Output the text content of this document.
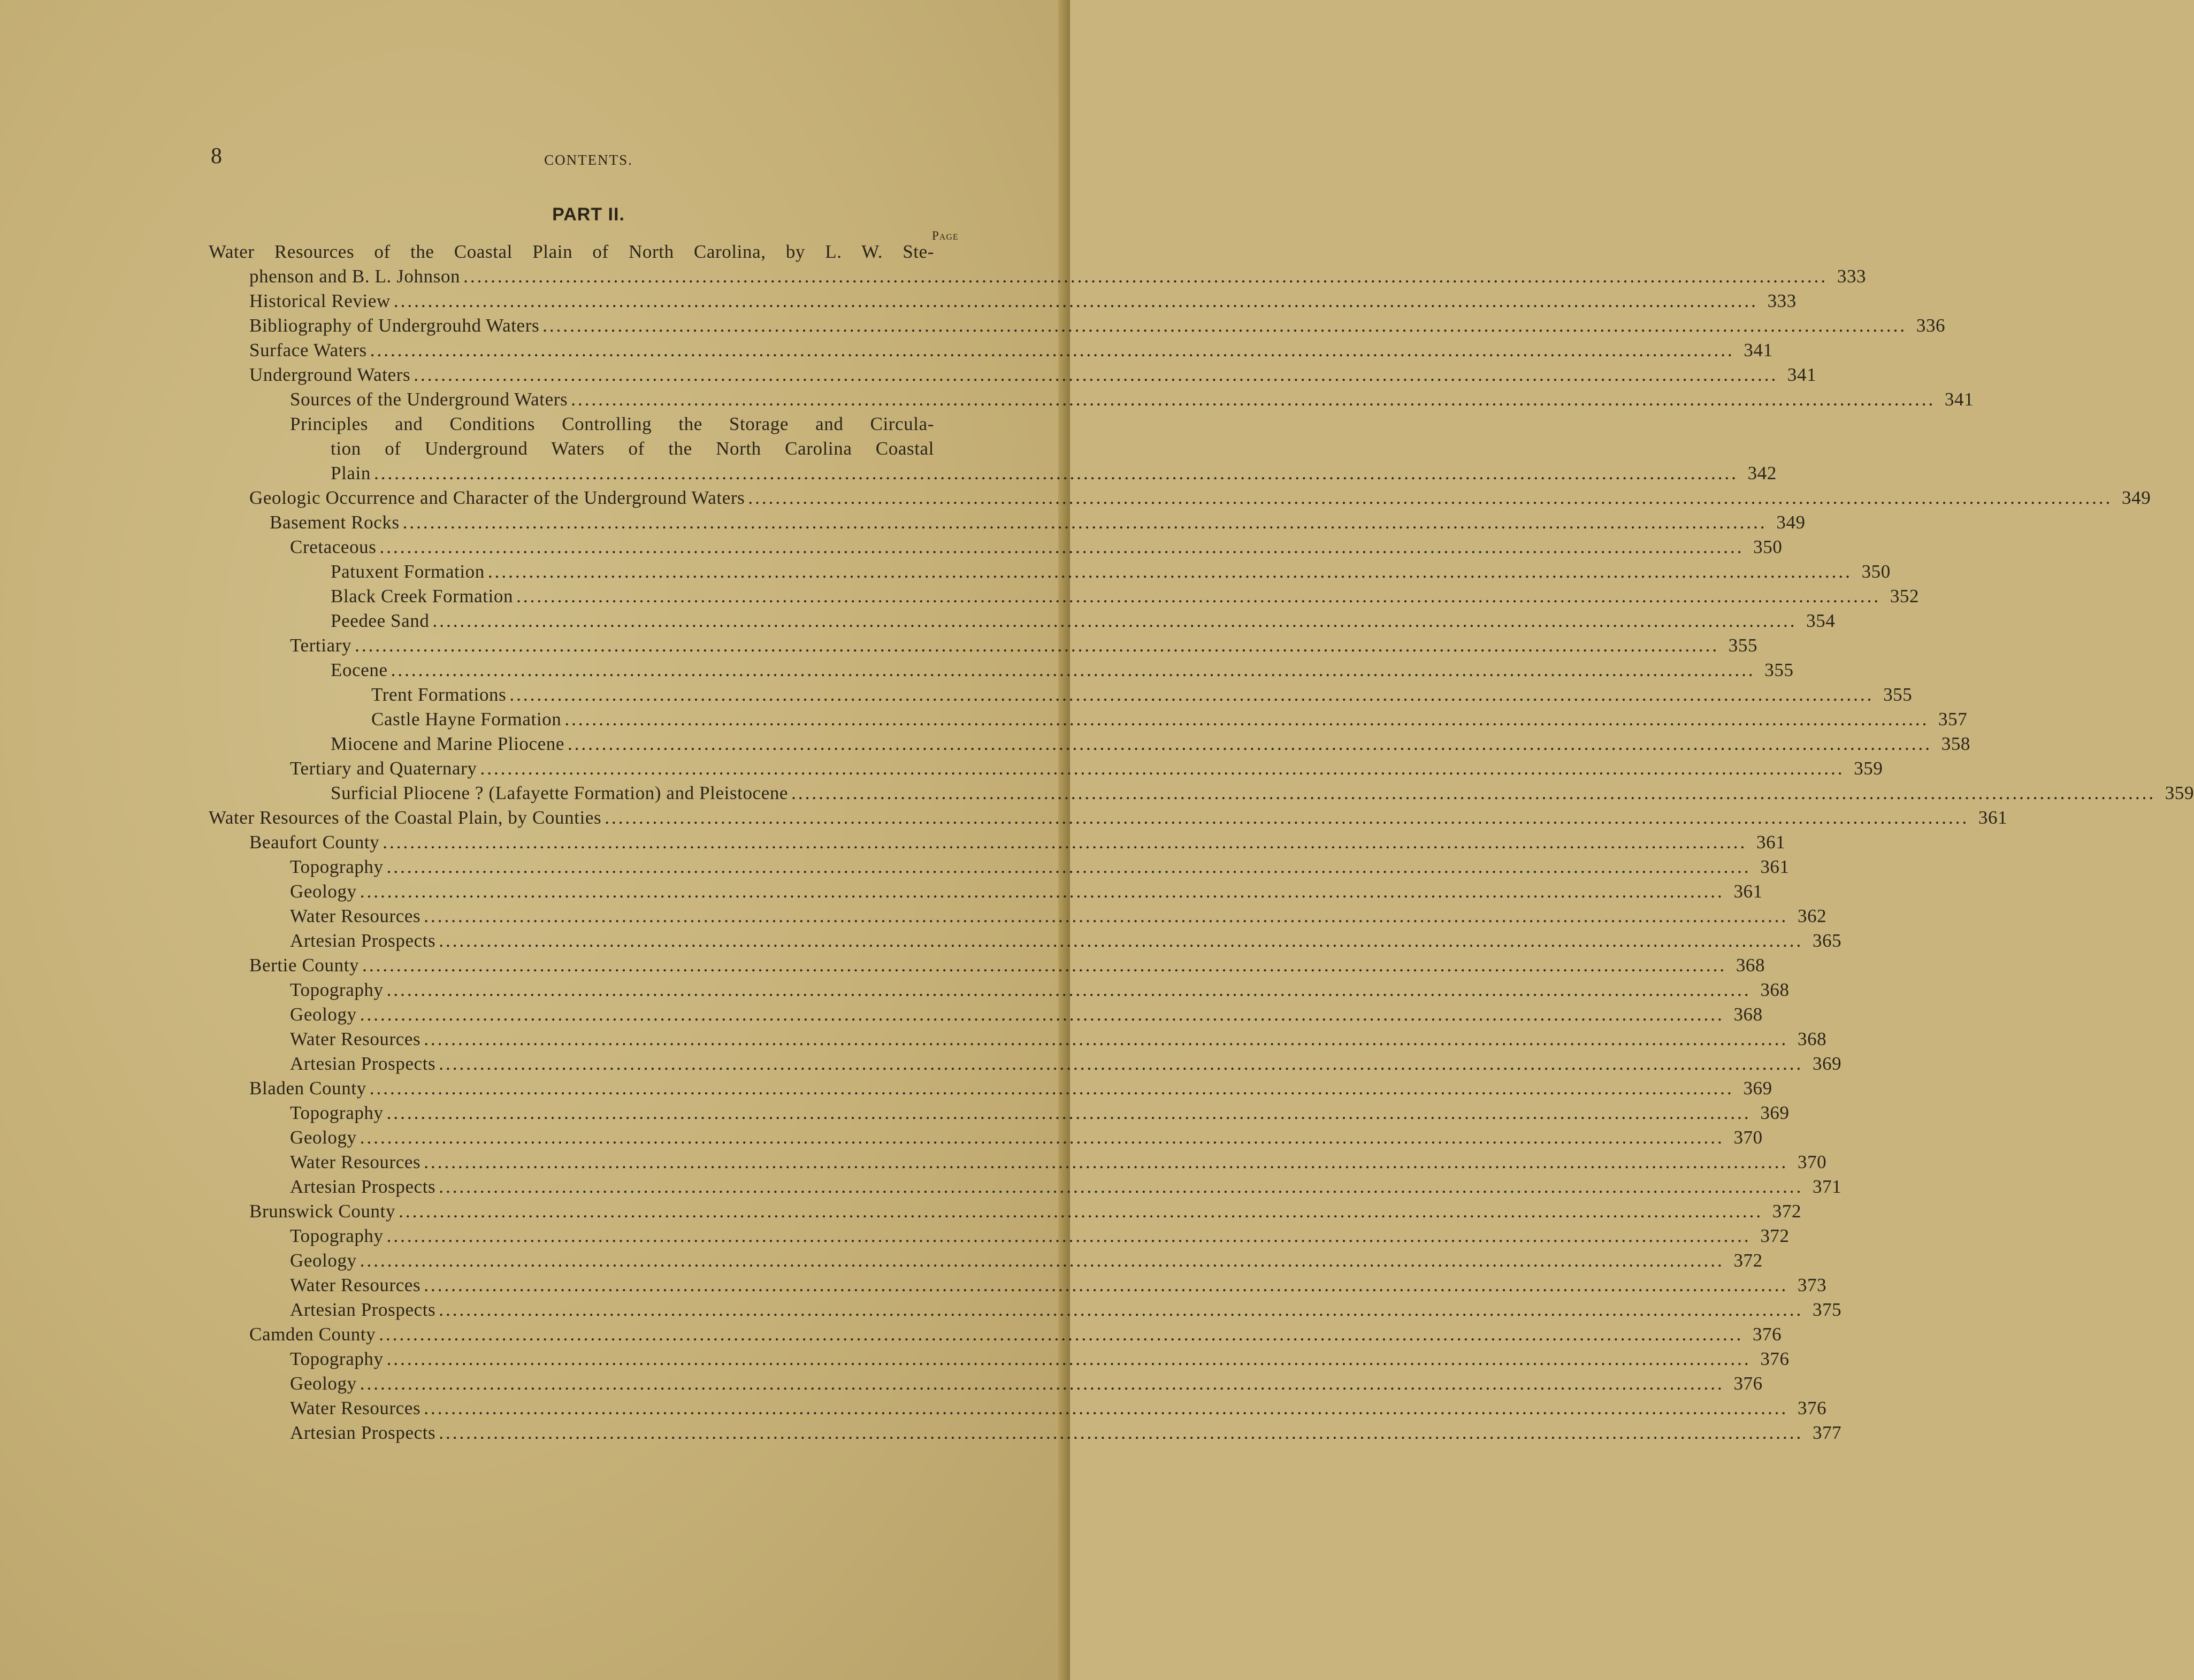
8	CONTENTS.
PART II.
Page
Water Resources of the Coastal Plain of North Carolina, by L. W. Ste-
phenson and B. L. Johnson ........................................................................................................................................................................................................ 333
Historical Review ........................................................................................................................................................................................................ 333
Bibliography of Undergrouhd Waters ........................................................................................................................................................................................................ 336
Surface Waters ........................................................................................................................................................................................................ 341
Underground Waters ........................................................................................................................................................................................................ 341
Sources of the Underground Waters ........................................................................................................................................................................................................ 341
Principles and Conditions Controlling the Storage and Circula-
tion of Underground Waters of the North Carolina Coastal
Plain ........................................................................................................................................................................................................ 342
Geologic Occurrence and Character of the Underground Waters ........................................................................................................................................................................................................ 349
Basement Rocks ........................................................................................................................................................................................................ 349
Cretaceous ........................................................................................................................................................................................................ 350
Patuxent Formation ........................................................................................................................................................................................................ 350
Black Creek Formation ........................................................................................................................................................................................................ 352
Peedee Sand ........................................................................................................................................................................................................ 354
Tertiary ........................................................................................................................................................................................................ 355
Eocene ........................................................................................................................................................................................................ 355
Trent Formations ........................................................................................................................................................................................................ 355
Castle Hayne Formation ........................................................................................................................................................................................................ 357
Miocene and Marine Pliocene ........................................................................................................................................................................................................ 358
Tertiary and Quaternary ........................................................................................................................................................................................................ 359
Surficial Pliocene ? (Lafayette Formation) and Pleistocene ........................................................................................................................................................................................................ 359
Water Resources of the Coastal Plain, by Counties ........................................................................................................................................................................................................ 361
Beaufort County ........................................................................................................................................................................................................ 361
Topography ........................................................................................................................................................................................................ 361
Geology ........................................................................................................................................................................................................ 361
Water Resources ........................................................................................................................................................................................................ 362
Artesian Prospects ........................................................................................................................................................................................................ 365
Bertie County ........................................................................................................................................................................................................ 368
Topography ........................................................................................................................................................................................................ 368
Geology ........................................................................................................................................................................................................ 368
Water Resources ........................................................................................................................................................................................................ 368
Artesian Prospects ........................................................................................................................................................................................................ 369
Bladen County ........................................................................................................................................................................................................ 369
Topography ........................................................................................................................................................................................................ 369
Geology ........................................................................................................................................................................................................ 370
Water Resources ........................................................................................................................................................................................................ 370
Artesian Prospects ........................................................................................................................................................................................................ 371
Brunswick County ........................................................................................................................................................................................................ 372
Topography ........................................................................................................................................................................................................ 372
Geology ........................................................................................................................................................................................................ 372
Water Resources ........................................................................................................................................................................................................ 373
Artesian Prospects ........................................................................................................................................................................................................ 375
Camden County ........................................................................................................................................................................................................ 376
Topography ........................................................................................................................................................................................................ 376
Geology ........................................................................................................................................................................................................ 376
Water Resources ........................................................................................................................................................................................................ 376
Artesian Prospects ........................................................................................................................................................................................................ 377
